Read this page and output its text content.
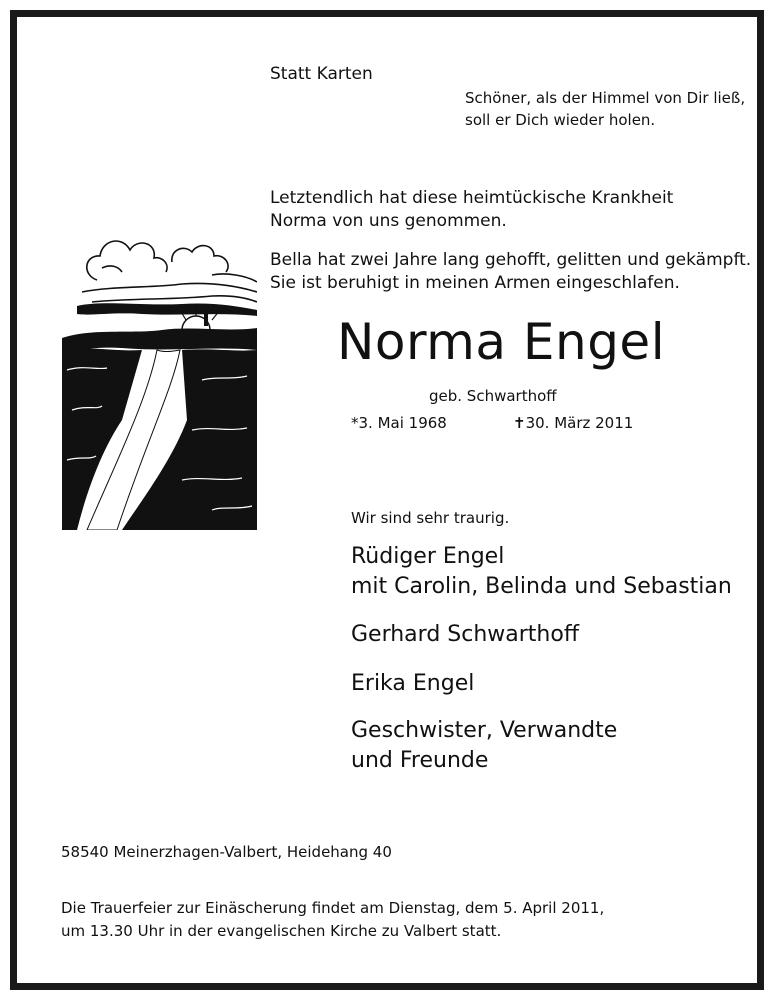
Statt Karten
Schöner, als der Himmel von Dir ließ,
soll er Dich wieder holen.
Letztendlich hat diese heimtückische Krankheit
Norma von uns genommen.
Bella hat zwei Jahre lang gehofft, gelitten und gekämpft.
Sie ist beruhigt in meinen Armen eingeschlafen.
Norma Engel
geb. Schwarthoff
*3. Mai 1968	✝30. März 2011
Wir sind sehr traurig.
Rüdiger Engel
mit Carolin, Belinda und Sebastian
Gerhard Schwarthoff
Erika Engel
Geschwister, Verwandte
und Freunde
58540 Meinerzhagen-Valbert, Heidehang 40
Die Trauerfeier zur Einäscherung findet am Dienstag, dem 5. April 2011,
um 13.30 Uhr in der evangelischen Kirche zu Valbert statt.
